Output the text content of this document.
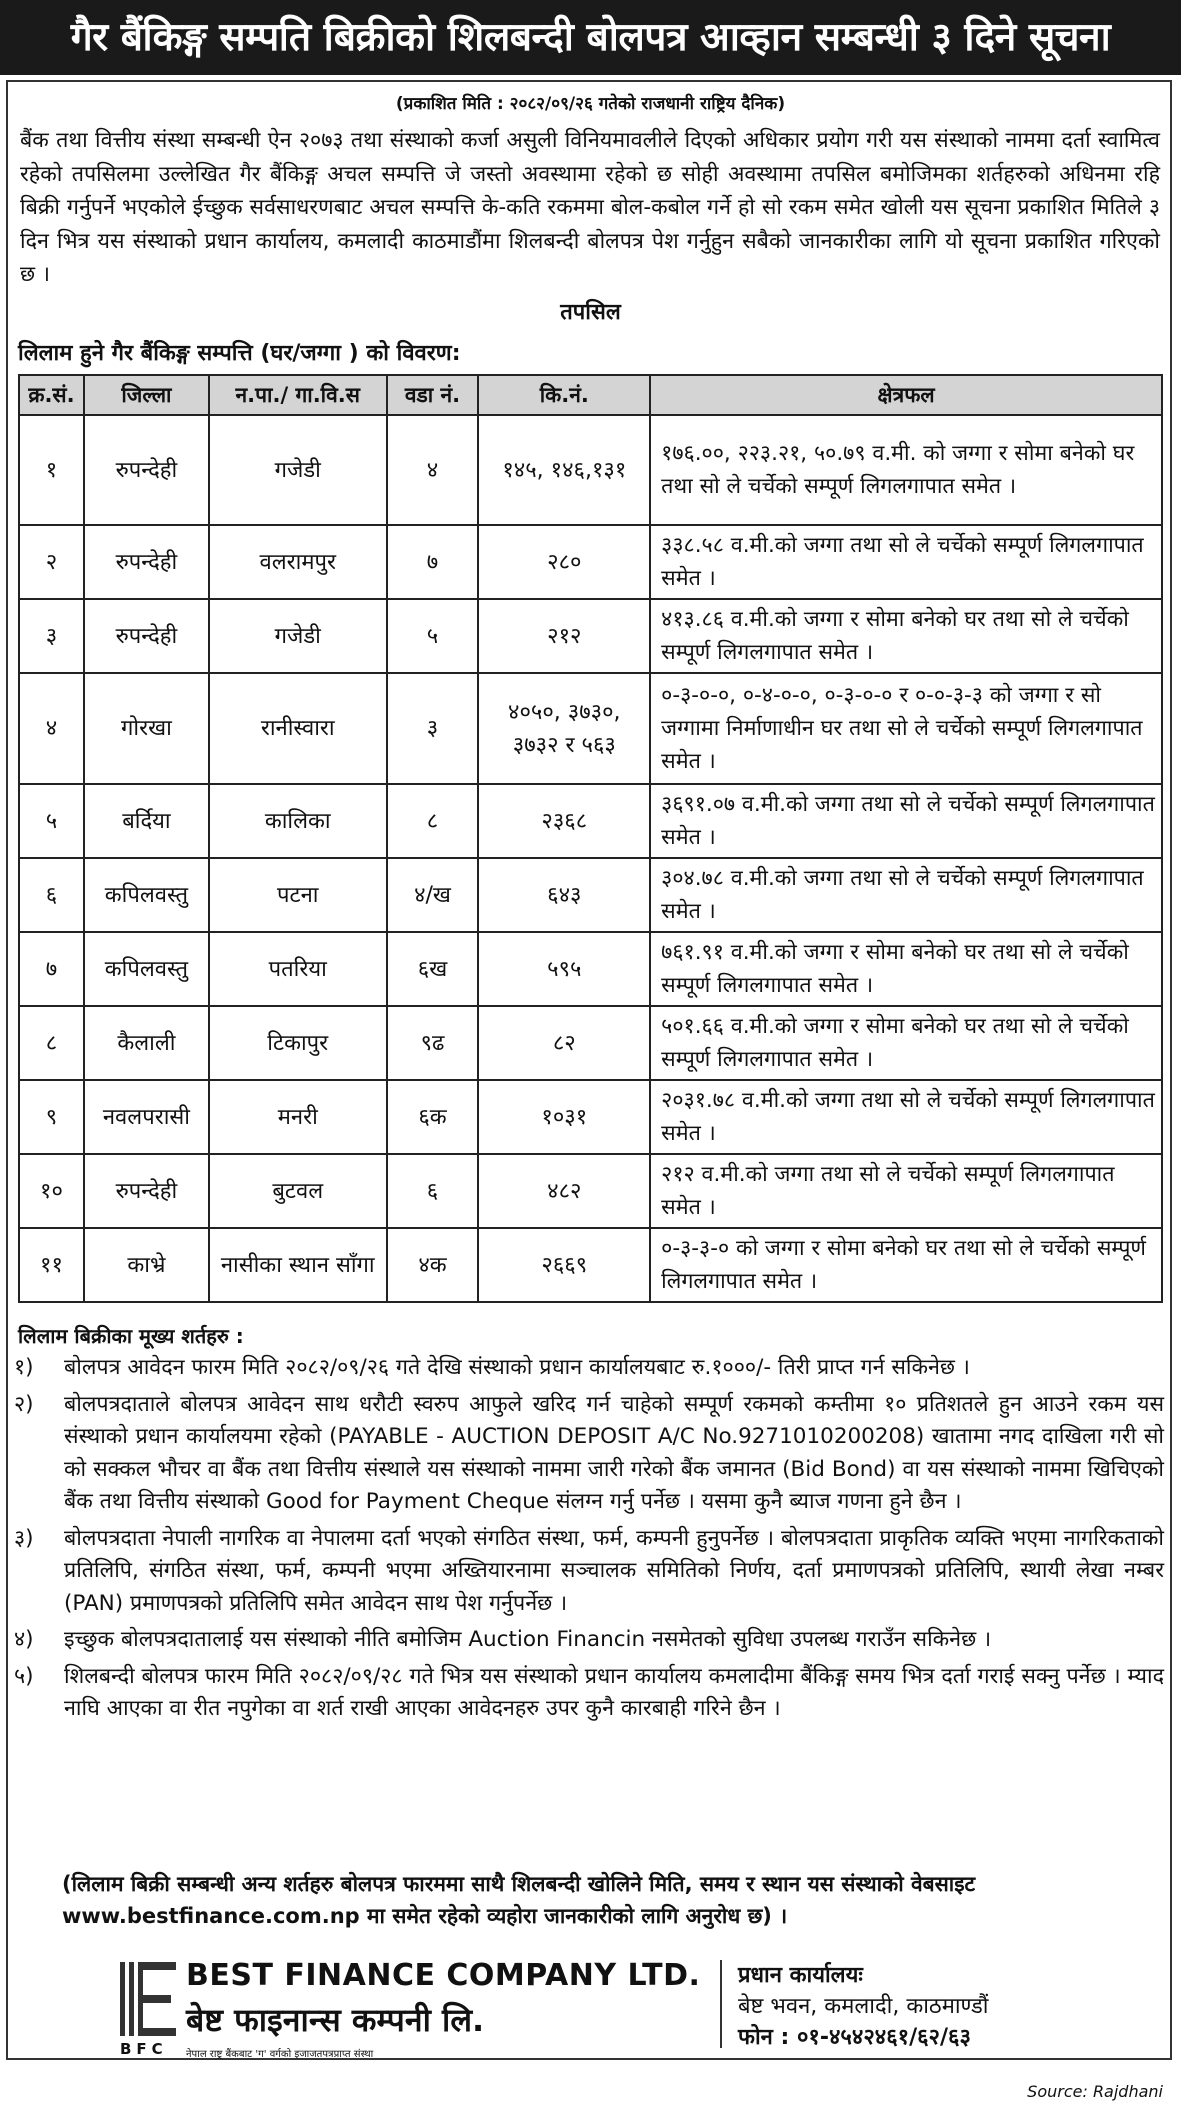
गैर बैंकिङ्ग सम्पति बिक्रीको शिलबन्दी बोलपत्र आव्हान सम्बन्धी ३ दिने सूचना
(प्रकाशित मिति : २०८२/०९/२६ गतेको राजधानी राष्ट्रिय दैनिक)
बैंक तथा वित्तीय संस्था सम्बन्धी ऐन २०७३ तथा संस्थाको कर्जा असुली विनियमावलीले दिएको अधिकार प्रयोग गरी यस संस्थाको नाममा दर्ता स्वामित्व रहेको तपसिलमा उल्लेखित गैर बैंकिङ्ग अचल सम्पत्ति जे जस्तो अवस्थामा रहेको छ सोही अवस्थामा तपसिल बमोजिमका शर्तहरुको अधिनमा रहि बिक्री गर्नुपर्ने भएकोले ईच्छुक सर्वसाधरणबाट अचल सम्पत्ति के-कति रकममा बोल-कबोल गर्ने हो सो रकम समेत खोली यस सूचना प्रकाशित मितिले ३ दिन भित्र यस संस्थाको प्रधान कार्यालय, कमलादी काठमाडौंमा शिलबन्दी बोलपत्र पेश गर्नुहुन सबैको जानकारीका लागि यो सूचना प्रकाशित गरिएको छ ।
तपसिल
लिलाम हुने गैर बैंकिङ्ग सम्पत्ति (घर/जग्गा ) को विवरण:
क्र.सं.	जिल्ला	न.पा./ गा.वि.स	वडा नं.	कि.नं.	क्षेत्रफल
१	रुपन्देही	गजेडी	४	१४५, १४६,१३१	१७६.००, २२३.२१, ५०.७९ व.मी. को जग्गा र सोमा बनेको घर तथा सो ले चर्चेको सम्पूर्ण लिगलगापात समेत ।
२	रुपन्देही	वलरामपुर	७	२८०	३३८.५८ व.मी.को जग्गा तथा सो ले चर्चेको सम्पूर्ण लिगलगापात समेत ।
३	रुपन्देही	गजेडी	५	२१२	४१३.८६ व.मी.को जग्गा र सोमा बनेको घर तथा सो ले चर्चेको सम्पूर्ण लिगलगापात समेत ।
४	गोरखा	रानीस्वारा	३	४०५०, ३७३०, ३७३२ र ५६३	०-३-०-०, ०-४-०-०, ०-३-०-० र ०-०-३-३ को जग्गा र सो जग्गामा निर्माणाधीन घर तथा सो ले चर्चेको सम्पूर्ण लिगलगापात समेत ।
५	बर्दिया	कालिका	८	२३६८	३६९१.०७ व.मी.को जग्गा तथा सो ले चर्चेको सम्पूर्ण लिगलगापात समेत ।
६	कपिलवस्तु	पटना	४/ख	६४३	३०४.७८ व.मी.को जग्गा तथा सो ले चर्चेको सम्पूर्ण लिगलगापात समेत ।
७	कपिलवस्तु	पतरिया	६ख	५९५	७६१.९१ व.मी.को जग्गा र सोमा बनेको घर तथा सो ले चर्चेको सम्पूर्ण लिगलगापात समेत ।
८	कैलाली	टिकापुर	९ढ	८२	५०१.६६ व.मी.को जग्गा र सोमा बनेको घर तथा सो ले चर्चेको सम्पूर्ण लिगलगापात समेत ।
९	नवलपरासी	मनरी	६क	१०३१	२०३१.७८ व.मी.को जग्गा तथा सो ले चर्चेको सम्पूर्ण लिगलगापात समेत ।
१०	रुपन्देही	बुटवल	६	४८२	२१२ व.मी.को जग्गा तथा सो ले चर्चेको सम्पूर्ण लिगलगापात समेत ।
११	काभ्रे	नासीका स्थान साँगा	४क	२६६९	०-३-३-० को जग्गा र सोमा बनेको घर तथा सो ले चर्चेको सम्पूर्ण लिगलगापात समेत ।
लिलाम बिक्रीका मूख्य शर्तहरु :
१)	बोलपत्र आवेदन फारम मिति २०८२/०९/२६ गते देखि संस्थाको प्रधान कार्यालयबाट रु.१०००/- तिरी प्राप्त गर्न सकिनेछ ।
२)	बोलपत्रदाताले बोलपत्र आवेदन साथ धरौटी स्वरुप आफुले खरिद गर्न चाहेको सम्पूर्ण रकमको कम्तीमा १० प्रतिशतले हुन आउने रकम यस संस्थाको प्रधान कार्यालयमा रहेको (PAYABLE - AUCTION DEPOSIT A/C No.9271010200208) खातामा नगद दाखिला गरी सो को सक्कल भौचर वा बैंक तथा वित्तीय संस्थाले यस संस्थाको नाममा जारी गरेको बैंक जमानत (Bid Bond) वा यस संस्थाको नाममा खिचिएको बैंक तथा वित्तीय संस्थाको Good for Payment Cheque संलग्न गर्नु पर्नेछ । यसमा कुनै ब्याज गणना हुने छैन ।
३)	बोलपत्रदाता नेपाली नागरिक वा नेपालमा दर्ता भएको संगठित संस्था, फर्म, कम्पनी हुनुपर्नेछ । बोलपत्रदाता प्राकृतिक व्यक्ति भएमा नागरिकताको प्रतिलिपि, संगठित संस्था, फर्म, कम्पनी भएमा अख्तियारनामा सञ्चालक समितिको निर्णय, दर्ता प्रमाणपत्रको प्रतिलिपि, स्थायी लेखा नम्बर (PAN) प्रमाणपत्रको प्रतिलिपि समेत आवेदन साथ पेश गर्नुपर्नेछ ।
४)	इच्छुक बोलपत्रदातालाई यस संस्थाको नीति बमोजिम Auction Financin नसमेतको सुविधा उपलब्ध गराउँन सकिनेछ ।
५)	शिलबन्दी बोलपत्र फारम मिति २०८२/०९/२८ गते भित्र यस संस्थाको प्रधान कार्यालय कमलादीमा बैंकिङ्ग समय भित्र दर्ता गराई सक्नु पर्नेछ । म्याद नाघि आएका वा रीत नपुगेका वा शर्त राखी आएका आवेदनहरु उपर कुनै कारबाही गरिने छैन ।
(लिलाम बिक्री सम्बन्धी अन्य शर्तहरु बोलपत्र फारममा साथै शिलबन्दी खोलिने मिति, समय र स्थान यस संस्थाको वेबसाइट www.bestfinance.com.np मा समेत रहेको व्यहोरा जानकारीको लागि अनुरोध छ) ।
BFC
BEST FINANCE COMPANY LTD.
बेष्ट फाइनान्स कम्पनी लि.
नेपाल राष्ट्र बैंकबाट 'ग' वर्गको इजाजतपत्रप्राप्त संस्था
प्रधान कार्यालयः
बेष्ट भवन, कमलादी, काठमाण्डौं
फोन : ०१-४५४२४६१/६२/६३
Source: Rajdhani
